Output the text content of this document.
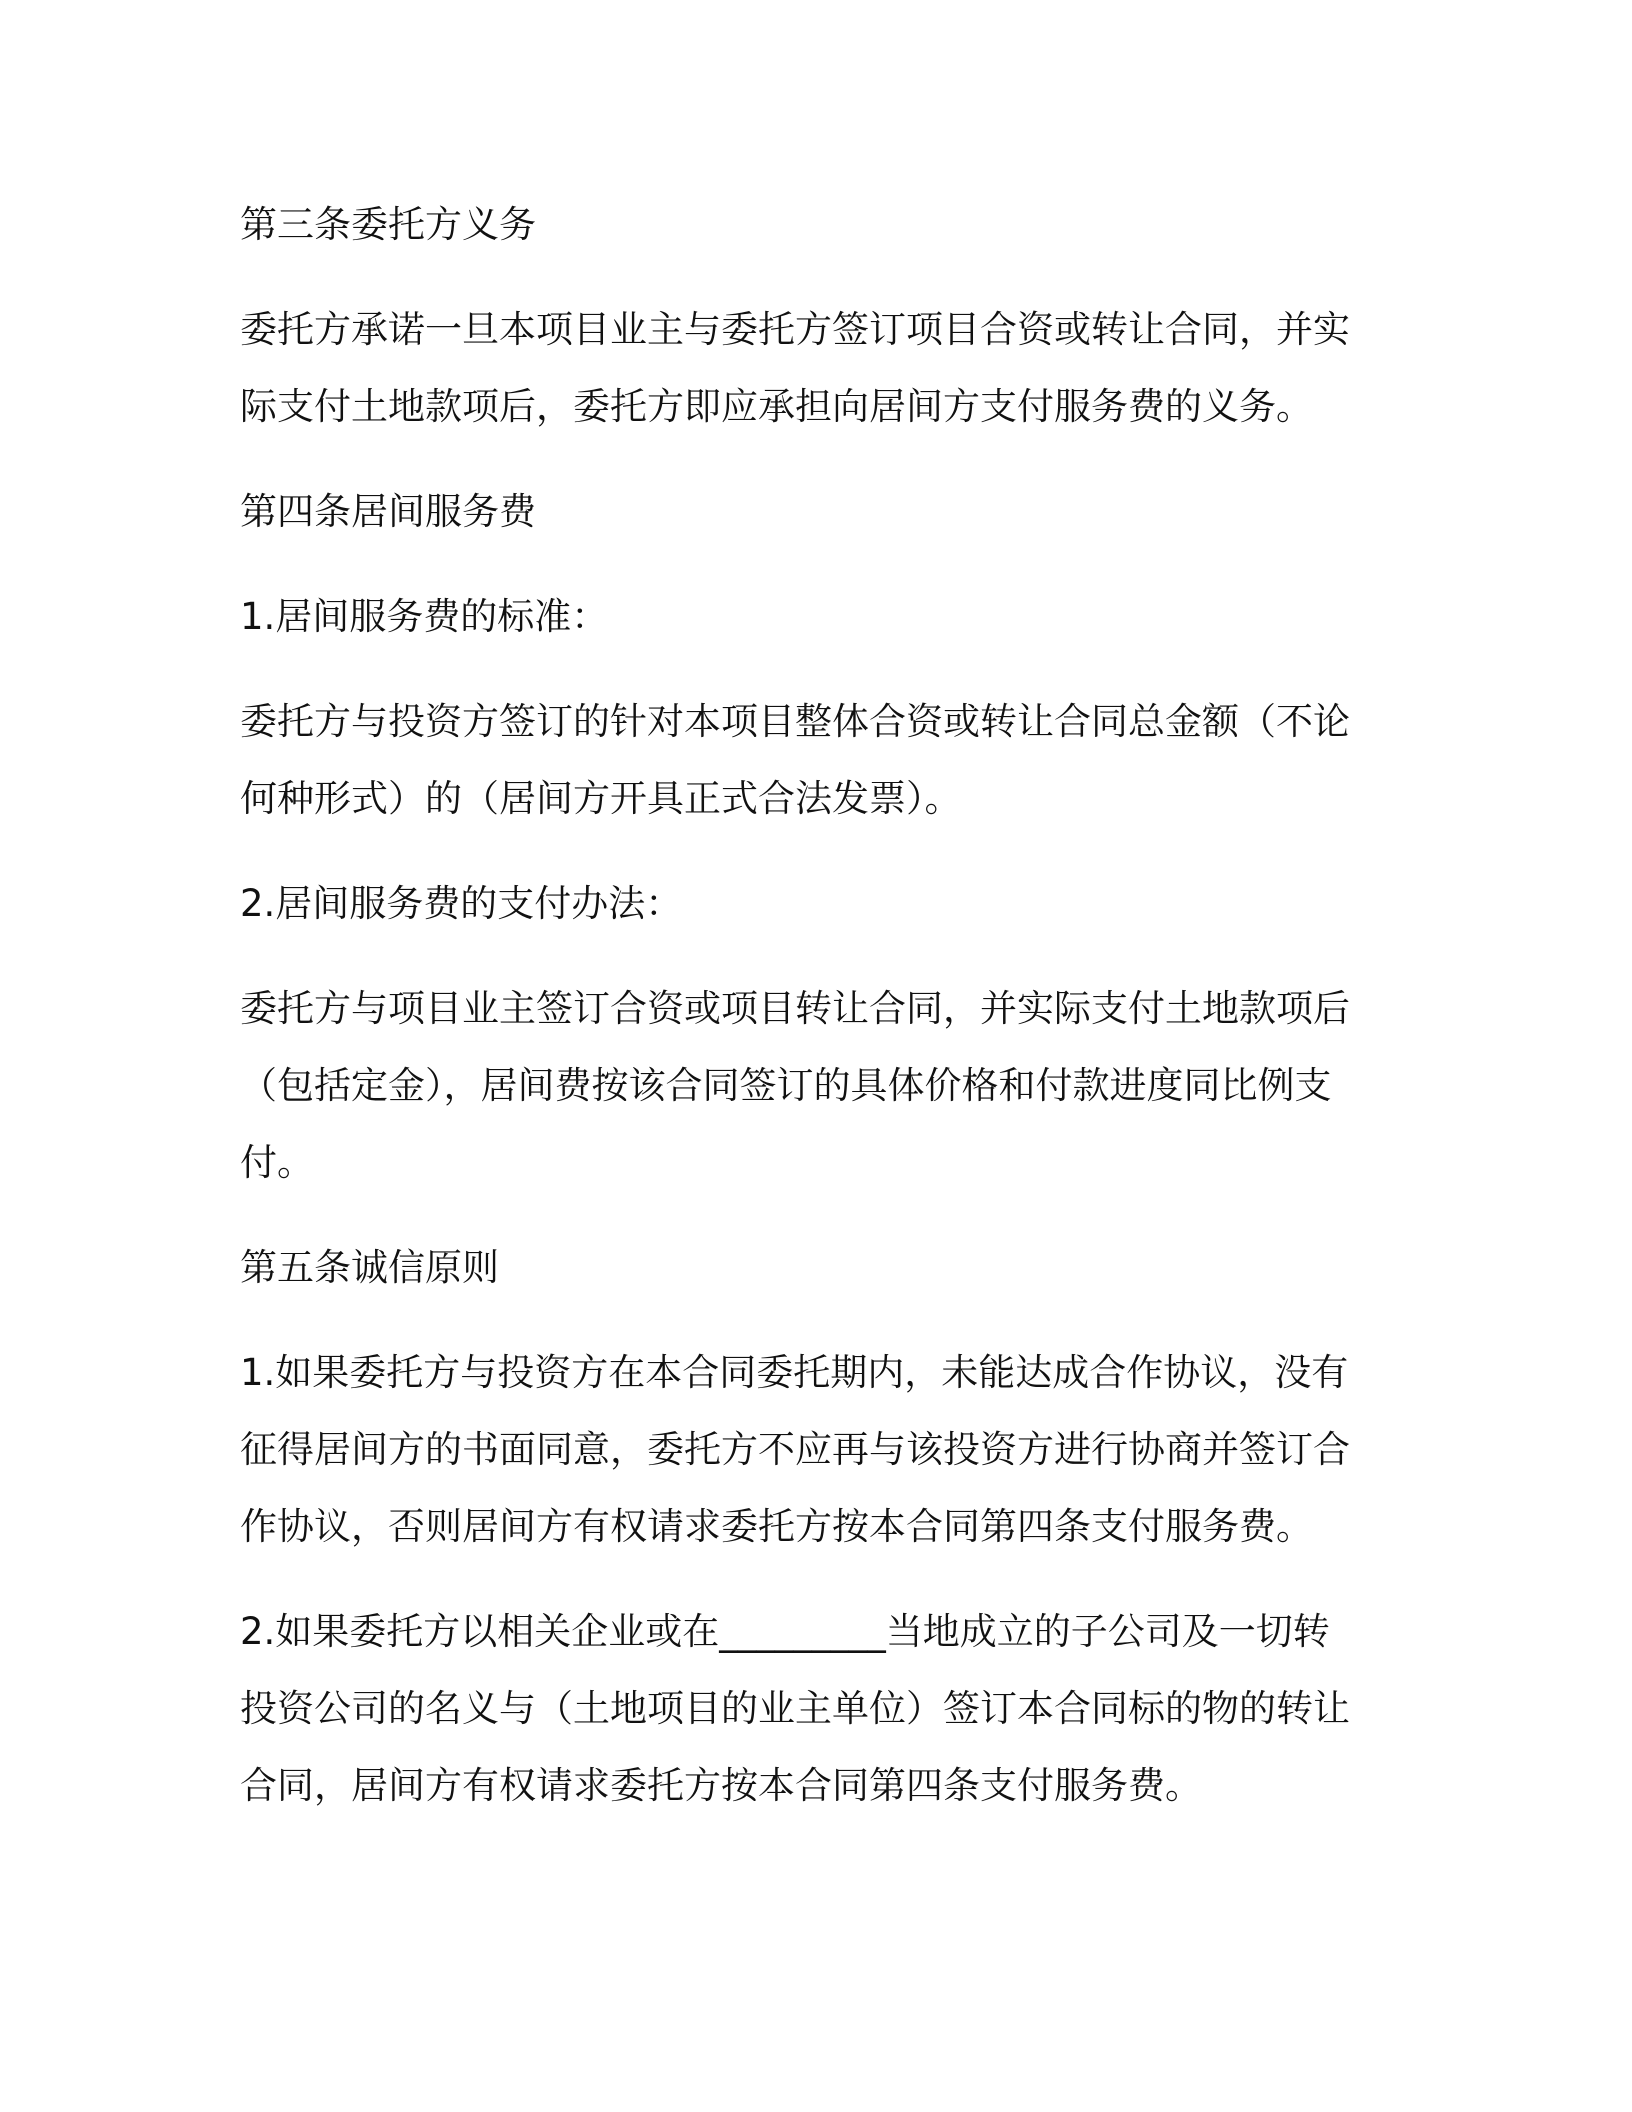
第三条委托方义务

委托方承诺一旦本项目业主与委托方签订项目合资或转让合同，并实
际支付土地款项后，委托方即应承担向居间方支付服务费的义务。

第四条居间服务费

1.居间服务费的标准：

委托方与投资方签订的针对本项目整体合资或转让合同总金额（不论
何种形式）的（居间方开具正式合法发票）。

2.居间服务费的支付办法：

委托方与项目业主签订合资或项目转让合同，并实际支付土地款项后
（包括定金），居间费按该合同签订的具体价格和付款进度同比例支
付。

第五条诚信原则

1.如果委托方与投资方在本合同委托期内，未能达成合作协议，没有
征得居间方的书面同意，委托方不应再与该投资方进行协商并签订合
作协议，否则居间方有权请求委托方按本合同第四条支付服务费。

2.如果委托方以相关企业或在_________当地成立的子公司及一切转
投资公司的名义与（土地项目的业主单位）签订本合同标的物的转让
合同，居间方有权请求委托方按本合同第四条支付服务费。
